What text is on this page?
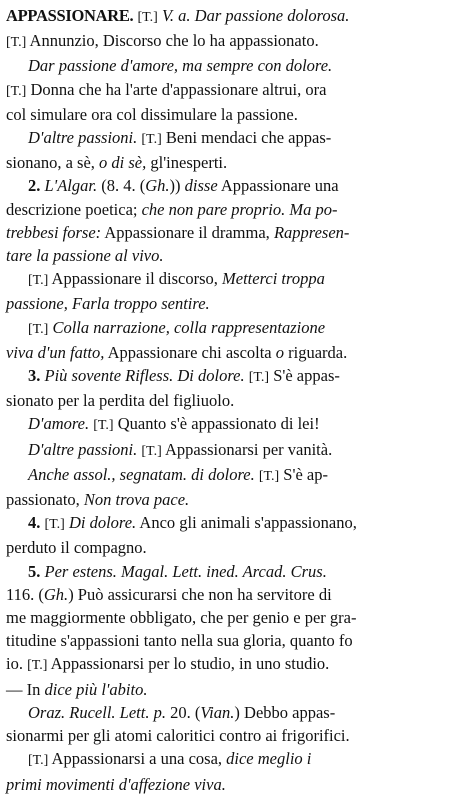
APPASSIONARE. [T.] V. a. Dar passione dolorosa.
[T.] Annunzio, Discorso che lo ha appassionato.
Dar passione d'amore, ma sempre con dolore.
[T.] Donna che ha l'arte d'appassionare altrui, ora
col simulare ora col dissimulare la passione.
D'altre passioni. [T.] Beni mendaci che appas-
sionano, a sè, o di sè, gl'inesperti.
2. L'Algar. (8. 4. (Gh.)) disse Appassionare una
descrizione poetica; che non pare proprio. Ma po-
trebbesi forse: Appassionare il dramma, Rappresen-
tare la passione al vivo.
[T.] Appassionare il discorso, Metterci troppa
passione, Farla troppo sentire.
[T.] Colla narrazione, colla rappresentazione
viva d'un fatto, Appassionare chi ascolta o riguarda.
3. Più sovente Rifless. Di dolore. [T.] S'è appas-
sionato per la perdita del figliuolo.
D'amore. [T.] Quanto s'è appassionato di lei!
D'altre passioni. [T.] Appassionarsi per vanità.
Anche assol., segnatam. di dolore. [T.] S'è ap-
passionato, Non trova pace.
4. [T.] Di dolore. Anco gli animali s'appassionano,
perduto il compagno.
5. Per estens. Magal. Lett. ined. Arcad. Crus.
116. (Gh.) Può assicurarsi che non ha servitore di
me maggiormente obbligato, che per genio e per gra-
titudine s'appassioni tanto nella sua gloria, quanto fo
io. [T.] Appassionarsi per lo studio, in uno studio.
— In dice più l'abito.
Oraz. Rucell. Lett. p. 20. (Vian.) Debbo appas-
sionarmi per gli atomi caloritici contro ai frigorifici.
[T.] Appassionarsi a una cosa, dice meglio i
primi movimenti d'affezione viva.
